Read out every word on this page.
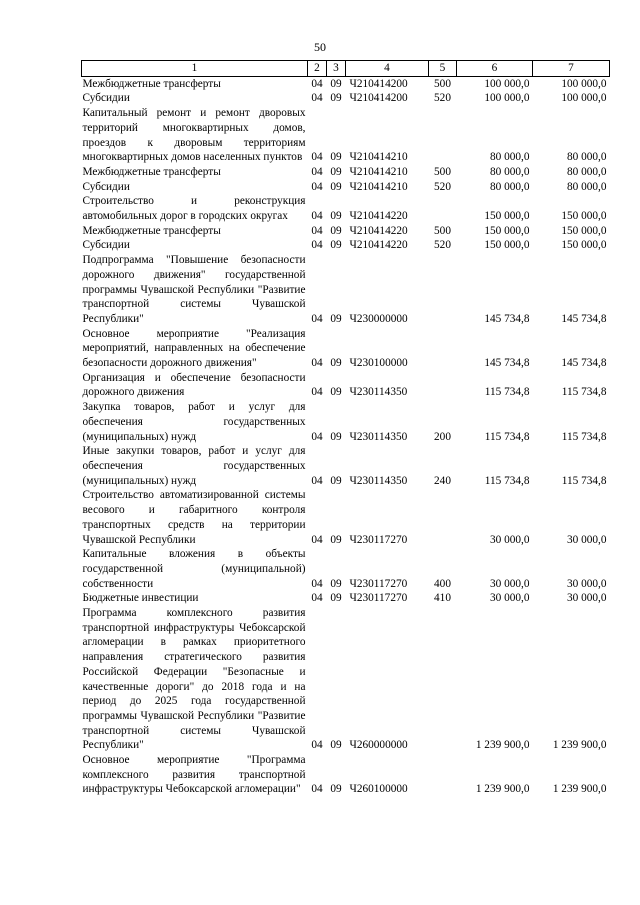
50
1	2	3	4	5	6	7
Межбюджетные трансферты	04	09	Ч210414200	500	100 000,0	100 000,0
Субсидии	04	09	Ч210414200	520	100 000,0	100 000,0
Капитальный ремонт и ремонт дворовых территорий многоквартирных домов, проездов к дворовым территориям многоквартирных домов населенных пунктов	04	09	Ч210414210		80 000,0	80 000,0
Межбюджетные трансферты	04	09	Ч210414210	500	80 000,0	80 000,0
Субсидии	04	09	Ч210414210	520	80 000,0	80 000,0
Строительство и реконструкция автомобильных дорог в городских округах	04	09	Ч210414220		150 000,0	150 000,0
Межбюджетные трансферты	04	09	Ч210414220	500	150 000,0	150 000,0
Субсидии	04	09	Ч210414220	520	150 000,0	150 000,0
Подпрограмма "Повышение безопасности дорожного движения" государственной программы Чувашской Республики "Развитие транспортной системы Чувашской Республики"	04	09	Ч230000000		145 734,8	145 734,8
Основное мероприятие "Реализация мероприятий, направленных на обеспечение безопасности дорожного движения"	04	09	Ч230100000		145 734,8	145 734,8
Организация и обеспечение безопасности дорожного движения	04	09	Ч230114350		115 734,8	115 734,8
Закупка товаров, работ и услуг для обеспечения государственных (муниципальных) нужд	04	09	Ч230114350	200	115 734,8	115 734,8
Иные закупки товаров, работ и услуг для обеспечения государственных (муниципальных) нужд	04	09	Ч230114350	240	115 734,8	115 734,8
Строительство автоматизированной системы весового и габаритного контроля транспортных средств на территории Чувашской Республики	04	09	Ч230117270		30 000,0	30 000,0
Капитальные вложения в объекты государственной (муниципальной) собственности	04	09	Ч230117270	400	30 000,0	30 000,0
Бюджетные инвестиции	04	09	Ч230117270	410	30 000,0	30 000,0
Программа комплексного развития транспортной инфраструктуры Чебоксарской агломерации в рамках приоритетного направления стратегического развития Российской Федерации "Безопасные и качественные дороги" до 2018 года и на период до 2025 года государственной программы Чувашской Республики "Развитие транспортной системы Чувашской Республики"	04	09	Ч260000000		1 239 900,0	1 239 900,0
Основное мероприятие "Программа комплексного развития транспортной инфраструктуры Чебоксарской агломерации"	04	09	Ч260100000		1 239 900,0	1 239 900,0
